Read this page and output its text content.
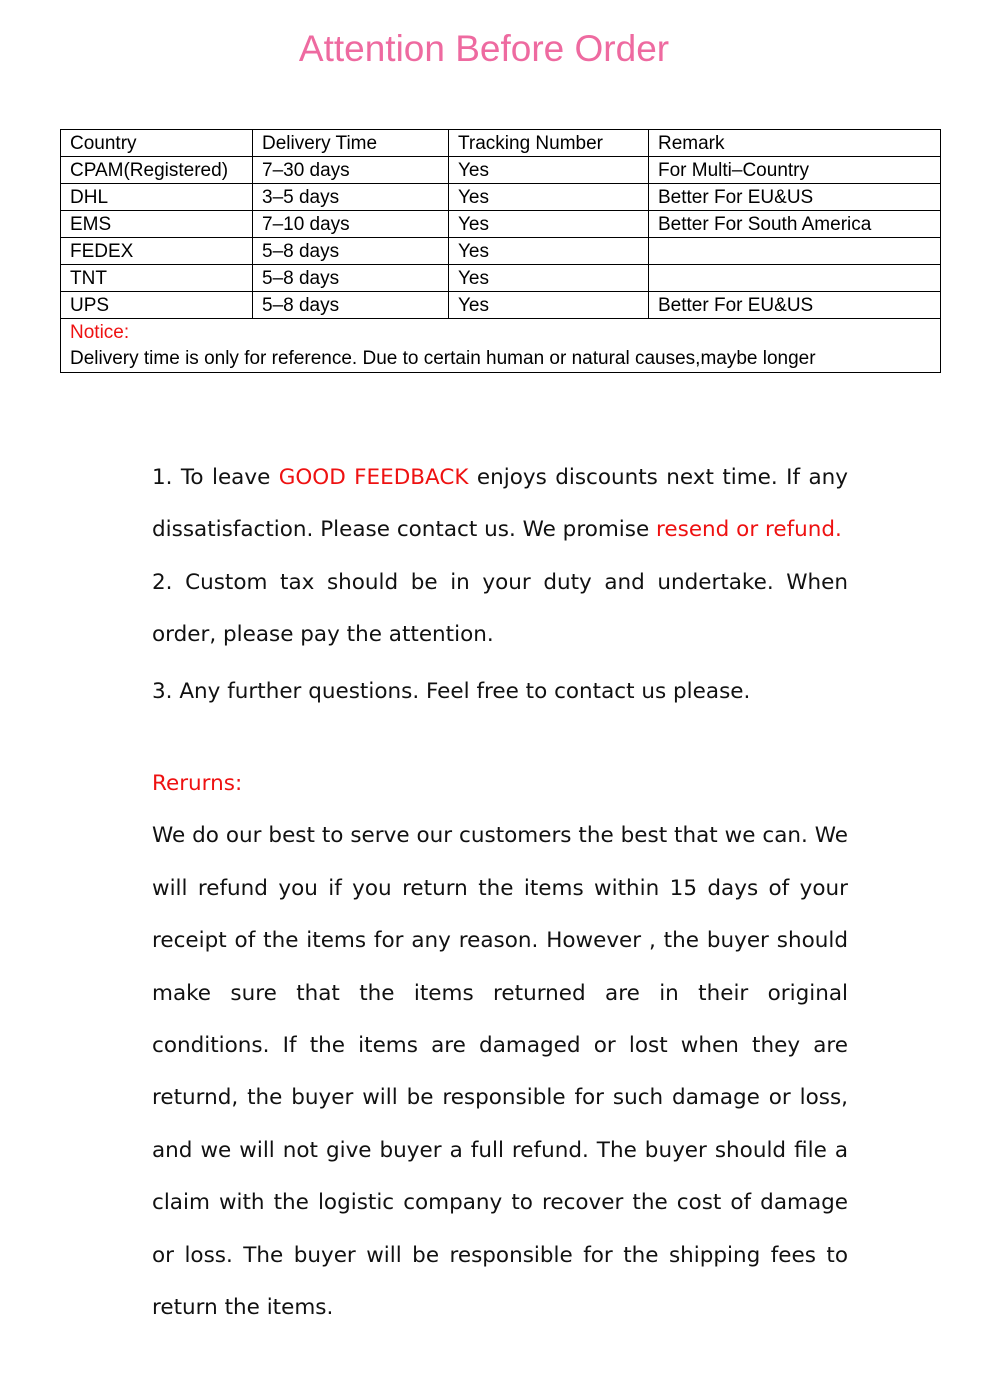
Attention Before Order
Country	Delivery Time	Tracking Number	Remark
CPAM(Registered)	7–30 days	Yes	For Multi–Country
DHL	3–5 days	Yes	Better For EU&US
EMS	7–10 days	Yes	Better For South America
FEDEX	5–8 days	Yes	
TNT	5–8 days	Yes	
UPS	5–8 days	Yes	Better For EU&US

Notice:
Delivery time is only for reference. Due to certain human or natural causes,maybe longer			

1. To leave GOOD FEEDBACK enjoys discounts next time. If any dissatisfaction. Please contact us. We promise resend or refund.

2. Custom tax should be in your duty and undertake. When order, please pay the attention.

3. Any further questions. Feel free to contact us please.

Rerurns:

We do our best to serve our customers the best that we can. We will refund you if you return the items within 15 days of your receipt of the items for any reason. However , the buyer should make sure that the items returned are in their original conditions. If the items are damaged or lost when they are returnd, the buyer will be responsible for such damage or loss, and we will not give buyer a full refund. The buyer should file a claim with the logistic company to recover the cost of damage or loss. The buyer will be responsible for the shipping fees to return the items.
